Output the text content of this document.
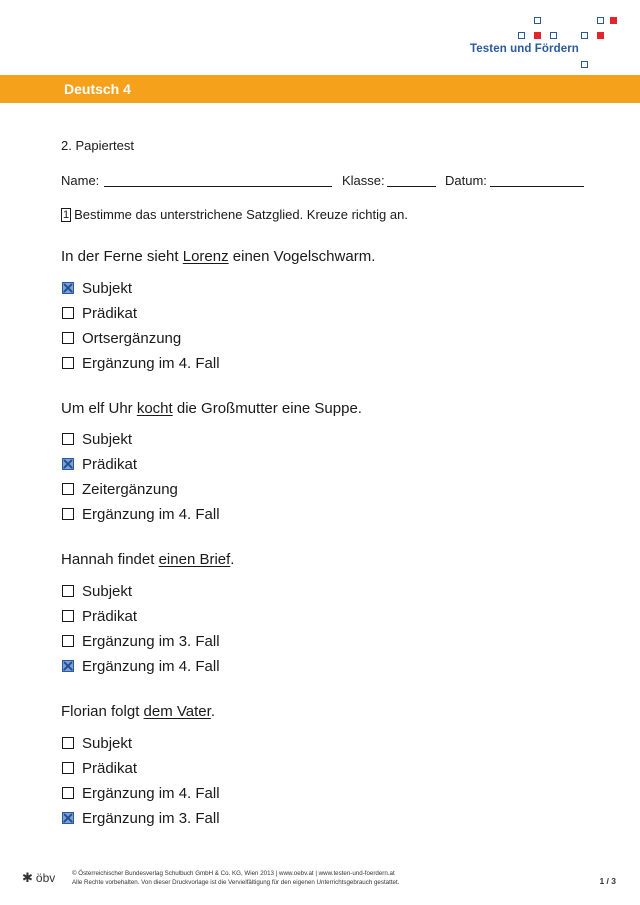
Testen und Fördern
Deutsch 4
2. Papiertest
Name:	Klasse:	Datum:
1 Bestimme das unterstrichene Satzglied. Kreuze richtig an.
In der Ferne sieht Lorenz einen Vogelschwarm.
Subjekt
Prädikat
Ortsergänzung
Ergänzung im 4. Fall
Um elf Uhr kocht die Großmutter eine Suppe.
Subjekt
Prädikat
Zeitergänzung
Ergänzung im 4. Fall
Hannah findet einen Brief.
Subjekt
Prädikat
Ergänzung im 3. Fall
Ergänzung im 4. Fall
Florian folgt dem Vater.
Subjekt
Prädikat
Ergänzung im 4. Fall
Ergänzung im 3. Fall
✱ öbv	© Österreichischer Bundesverlag Schulbuch GmbH & Co. KG, Wien 2013 | www.oebv.at | www.testen-und-foerdern.at
Alle Rechte vorbehalten. Von dieser Druckvorlage ist die Vervielfältigung für den eigenen Unterrichtsgebrauch gestattet.	1 / 3
